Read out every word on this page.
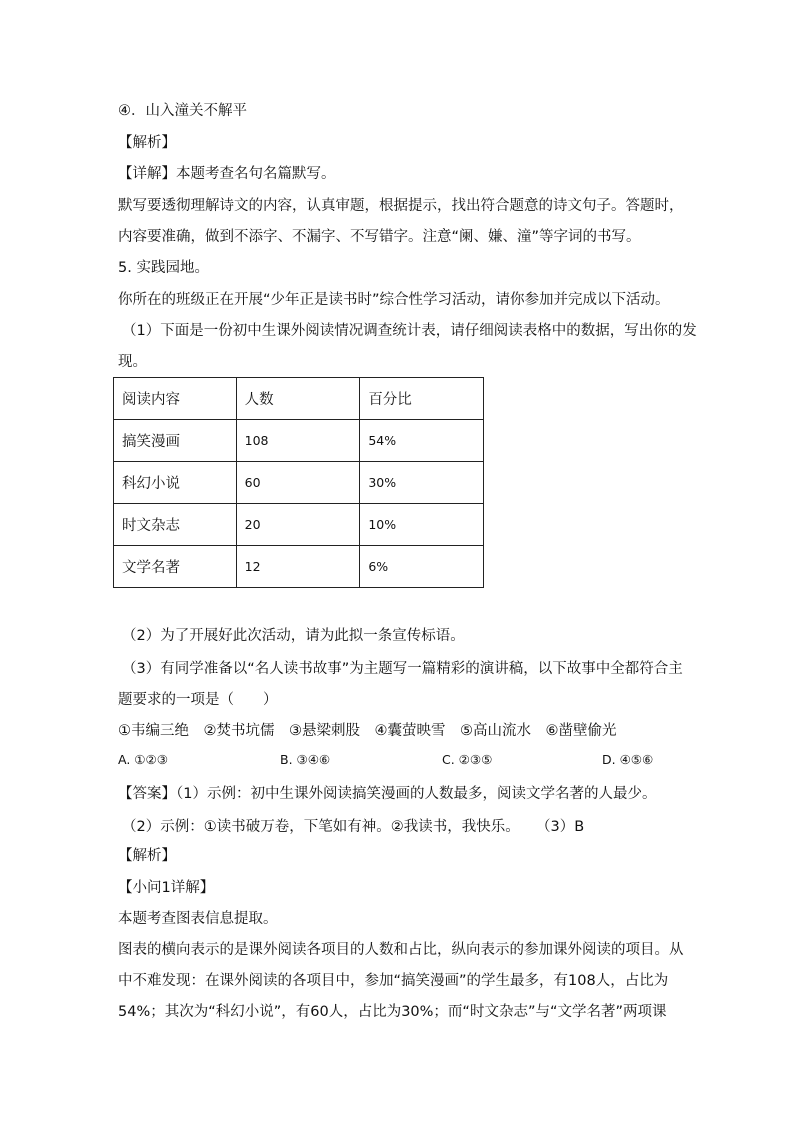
④．山入潼关不解平
【解析】
【详解】本题考查名句名篇默写。
默写要透彻理解诗文的内容，认真审题，根据提示，找出符合题意的诗文句子。答题时，
内容要准确，做到不添字、不漏字、不写错字。注意“阑、嫌、潼”等字词的书写。
5. 实践园地。
你所在的班级正在开展“少年正是读书时”综合性学习活动，请你参加并完成以下活动。
（1）下面是一份初中生课外阅读情况调查统计表，请仔细阅读表格中的数据，写出你的发
现。
阅读内容	人数	百分比
搞笑漫画	108	54%
科幻小说	60	30%
时文杂志	20	10%
文学名著	12	6%
（2）为了开展好此次活动，请为此拟一条宣传标语。
（3）有同学准备以“名人读书故事”为主题写一篇精彩的演讲稿，以下故事中全都符合主
题要求的一项是（　　）
①韦编三绝　②焚书坑儒　③悬梁刺股　④囊萤映雪　⑤高山流水　⑥凿壁偷光
A. ①②③	B. ③④⑥	C. ②③⑤	D. ④⑤⑥
【答案】（1）示例：初中生课外阅读搞笑漫画的人数最多，阅读文学名著的人最少。
（2）示例：①读书破万卷，下笔如有神。②我读书，我快乐。 （3）B
【解析】
【小问1详解】
本题考查图表信息提取。
图表的横向表示的是课外阅读各项目的人数和占比，纵向表示的参加课外阅读的项目。从
中不难发现：在课外阅读的各项目中，参加“搞笑漫画”的学生最多，有108人，占比为
54%；其次为“科幻小说”，有60人，占比为30%；而“时文杂志”与“文学名著”两项课
